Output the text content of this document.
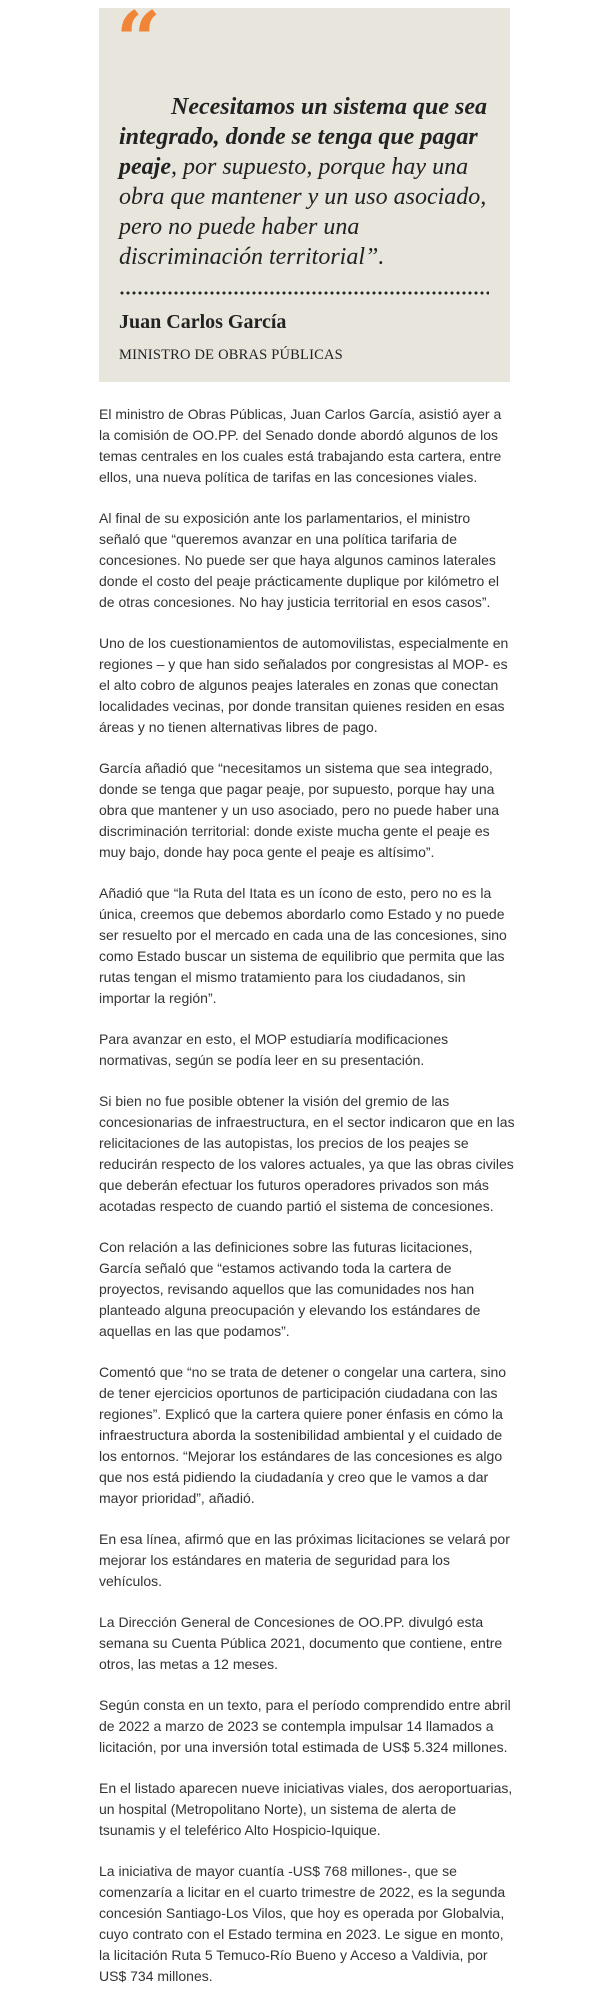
“

Necesitamos un sistema que sea integrado, donde se tenga que pagar peaje, por supuesto, porque hay una obra que mantener y un uso asociado, pero no puede haber una discriminación territorial”.

Juan Carlos García

MINISTRO DE OBRAS PÚBLICAS

El ministro de Obras Públicas, Juan Carlos García, asistió ayer a la comisión de OO.PP. del Senado donde abordó algunos de los temas centrales en los cuales está trabajando esta cartera, entre ellos, una nueva política de tarifas en las concesiones viales.

Al final de su exposición ante los parlamentarios, el ministro señaló que “queremos avanzar en una política tarifaria de concesiones. No puede ser que haya algunos caminos laterales donde el costo del peaje prácticamente duplique por kilómetro el de otras concesiones. No hay justicia territorial en esos casos”.

Uno de los cuestionamientos de automovilistas, especialmente en regiones – y que han sido señalados por congresistas al MOP- es el alto cobro de algunos peajes laterales en zonas que conectan localidades vecinas, por donde transitan quienes residen en esas áreas y no tienen alternativas libres de pago.

García añadió que “necesitamos un sistema que sea integrado, donde se tenga que pagar peaje, por supuesto, porque hay una obra que mantener y un uso asociado, pero no puede haber una discriminación territorial: donde existe mucha gente el peaje es muy bajo, donde hay poca gente el peaje es altísimo”.

Añadió que “la Ruta del Itata es un ícono de esto, pero no es la única, creemos que debemos abordarlo como Estado y no puede ser resuelto por el mercado en cada una de las concesiones, sino como Estado buscar un sistema de equilibrio que permita que las rutas tengan el mismo tratamiento para los ciudadanos, sin importar la región”.

Para avanzar en esto, el MOP estudiaría modificaciones normativas, según se podía leer en su presentación.

Si bien no fue posible obtener la visión del gremio de las concesionarias de infraestructura, en el sector indicaron que en las relicitaciones de las autopistas, los precios de los peajes se reducirán respecto de los valores actuales, ya que las obras civiles que deberán efectuar los futuros operadores privados son más acotadas respecto de cuando partió el sistema de concesiones.

Con relación a las definiciones sobre las futuras licitaciones, García señaló que “estamos activando toda la cartera de proyectos, revisando aquellos que las comunidades nos han planteado alguna preocupación y elevando los estándares de aquellas en las que podamos”.

Comentó que “no se trata de detener o congelar una cartera, sino de tener ejercicios oportunos de participación ciudadana con las regiones”. Explicó que la cartera quiere poner énfasis en cómo la infraestructura aborda la sostenibilidad ambiental y el cuidado de los entornos. “Mejorar los estándares de las concesiones es algo que nos está pidiendo la ciudadanía y creo que le vamos a dar mayor prioridad”, añadió.

En esa línea, afirmó que en las próximas licitaciones se velará por mejorar los estándares en materia de seguridad para los vehículos.

La Dirección General de Concesiones de OO.PP. divulgó esta semana su Cuenta Pública 2021, documento que contiene, entre otros, las metas a 12 meses.

Según consta en un texto, para el período comprendido entre abril de 2022 a marzo de 2023 se contempla impulsar 14 llamados a licitación, por una inversión total estimada de US$ 5.324 millones.

En el listado aparecen nueve iniciativas viales, dos aeroportuarias, un hospital (Metropolitano Norte), un sistema de alerta de tsunamis y el teleférico Alto Hospicio-Iquique.

La iniciativa de mayor cuantía -US$ 768 millones-, que se comenzaría a licitar en el cuarto trimestre de 2022, es la segunda concesión Santiago-Los Vilos, que hoy es operada por Globalvia, cuyo contrato con el Estado termina en 2023. Le sigue en monto, la licitación Ruta 5 Temuco-Río Bueno y Acceso a Valdivia, por US$ 734 millones.
